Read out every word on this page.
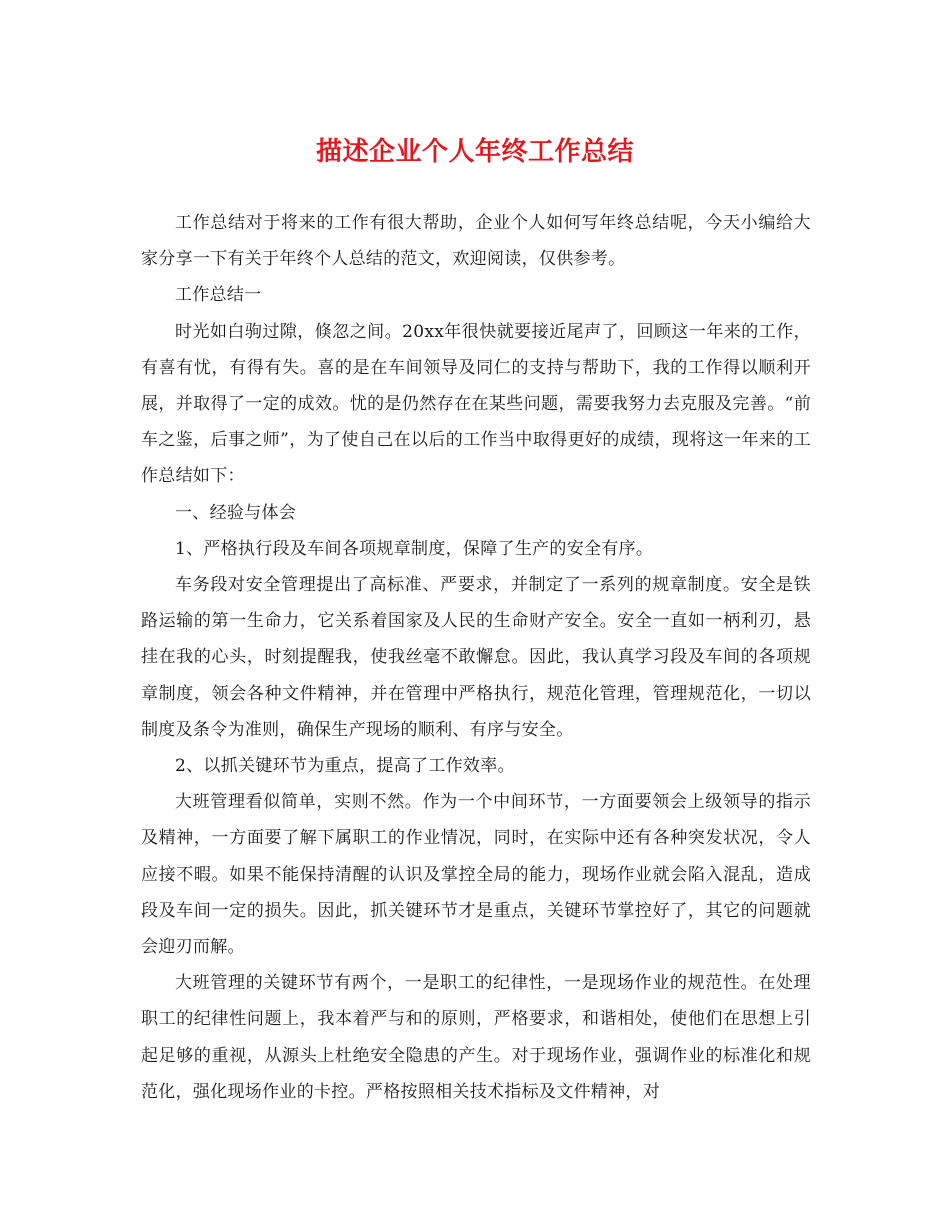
描述企业个人年终工作总结

工作总结对于将来的工作有很大帮助，企业个人如何写年终总结呢，今天小编给大家分享一下有关于年终个人总结的范文，欢迎阅读，仅供参考。

工作总结一

时光如白驹过隙，倏忽之间。20xx年很快就要接近尾声了，回顾这一年来的工作，有喜有忧，有得有失。喜的是在车间领导及同仁的支持与帮助下，我的工作得以顺利开展，并取得了一定的成效。忧的是仍然存在在某些问题，需要我努力去克服及完善。“前车之鉴，后事之师”，为了使自己在以后的工作当中取得更好的成绩，现将这一年来的工作总结如下：

一、经验与体会

1、严格执行段及车间各项规章制度，保障了生产的安全有序。

车务段对安全管理提出了高标准、严要求，并制定了一系列的规章制度。安全是铁路运输的第一生命力，它关系着国家及人民的生命财产安全。安全一直如一柄利刃，悬挂在我的心头，时刻提醒我，使我丝毫不敢懈怠。因此，我认真学习段及车间的各项规章制度，领会各种文件精神，并在管理中严格执行，规范化管理，管理规范化，一切以制度及条令为准则，确保生产现场的顺利、有序与安全。

2、以抓关键环节为重点，提高了工作效率。

大班管理看似简单，实则不然。作为一个中间环节，一方面要领会上级领导的指示及精神，一方面要了解下属职工的作业情况，同时，在实际中还有各种突发状况，令人应接不暇。如果不能保持清醒的认识及掌控全局的能力，现场作业就会陷入混乱，造成段及车间一定的损失。因此，抓关键环节才是重点，关键环节掌控好了，其它的问题就会迎刃而解。

大班管理的关键环节有两个，一是职工的纪律性，一是现场作业的规范性。在处理职工的纪律性问题上，我本着严与和的原则，严格要求，和谐相处，使他们在思想上引起足够的重视，从源头上杜绝安全隐患的产生。对于现场作业，强调作业的标准化和规范化，强化现场作业的卡控。严格按照相关技术指标及文件精神，对
